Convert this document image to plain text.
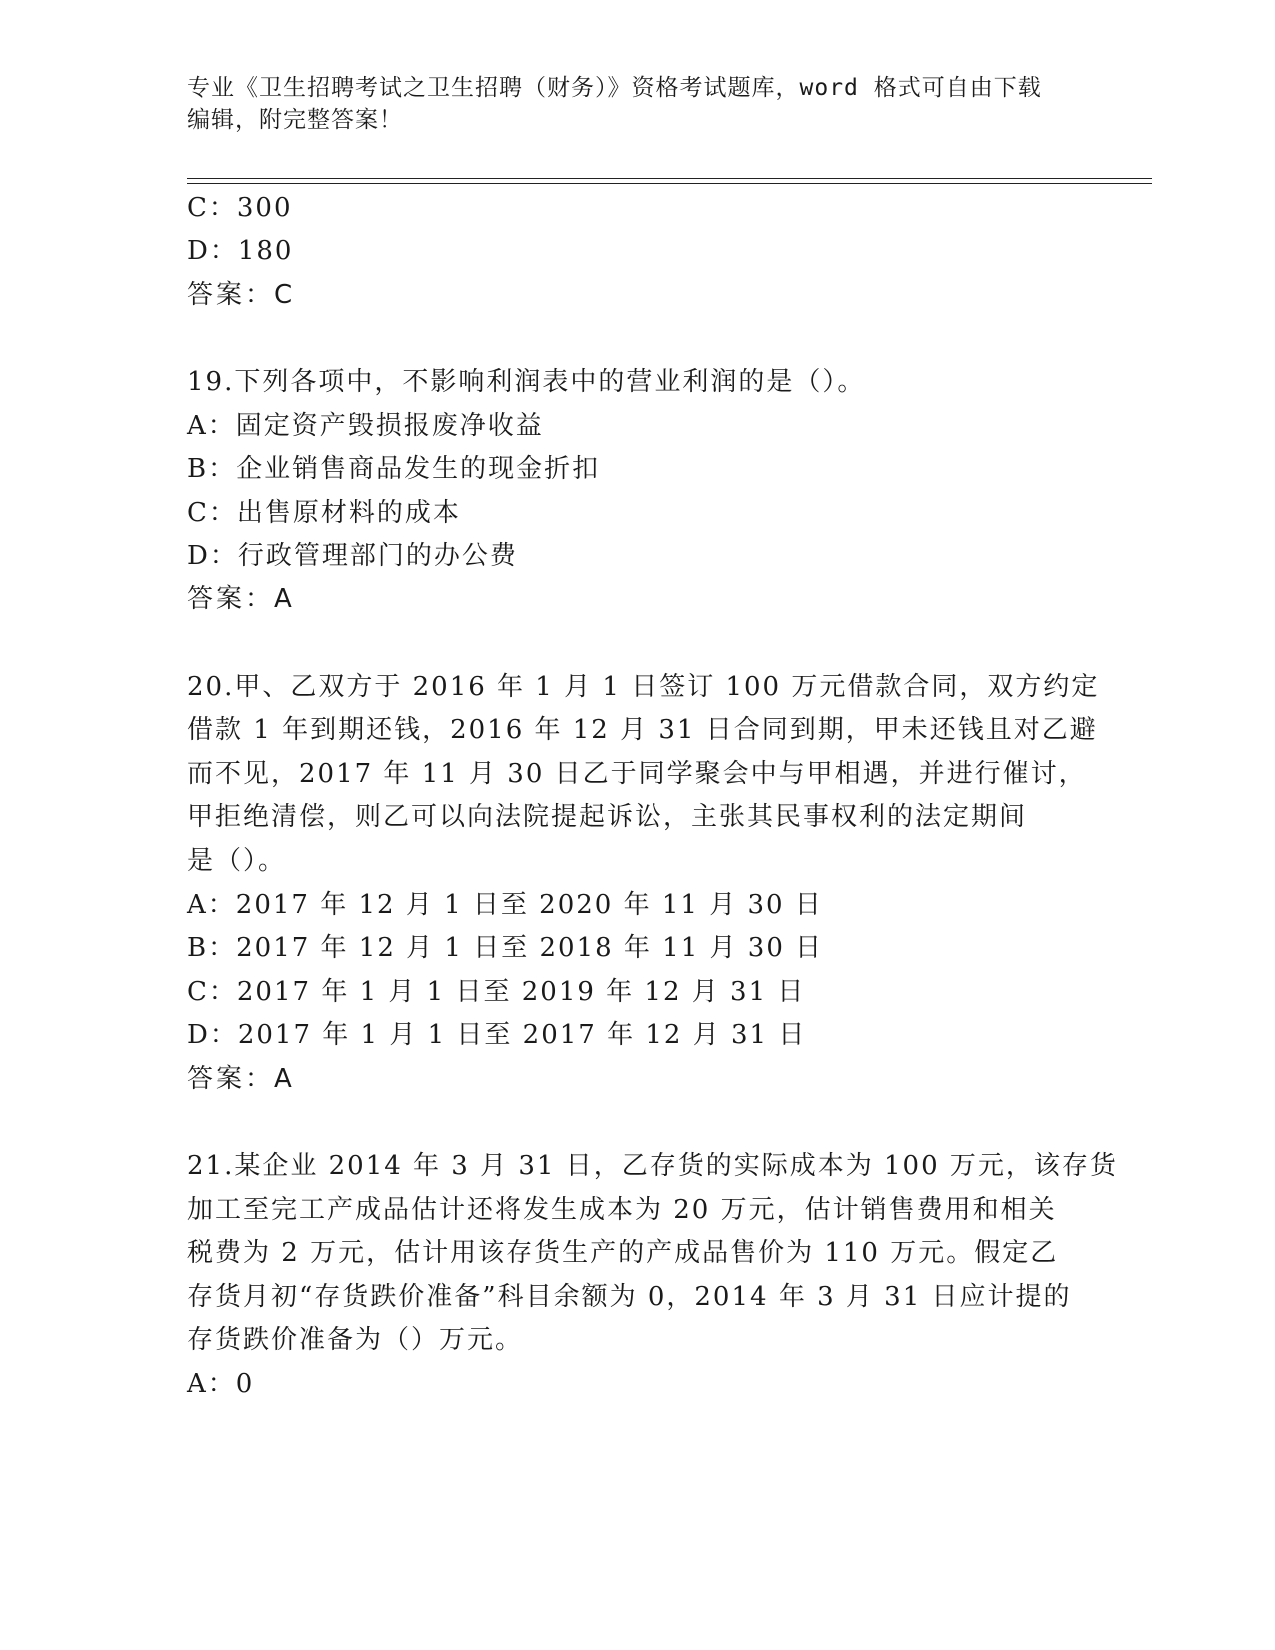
专业《卫生招聘考试之卫生招聘（财务）》资格考试题库，word 格式可自由下载
编辑，附完整答案！
C：300
D：180
答案：C
19.下列各项中，不影响利润表中的营业利润的是（）。
A：固定资产毁损报废净收益
B：企业销售商品发生的现金折扣
C：出售原材料的成本
D：行政管理部门的办公费
答案：A
20.甲、乙双方于 2016 年 1 月 1 日签订 100 万元借款合同，双方约定
借款 1 年到期还钱，2016 年 12 月 31 日合同到期，甲未还钱且对乙避
而不见，2017 年 11 月 30 日乙于同学聚会中与甲相遇，并进行催讨，
甲拒绝清偿，则乙可以向法院提起诉讼，主张其民事权利的法定期间
是（）。
A：2017 年 12 月 1 日至 2020 年 11 月 30 日
B：2017 年 12 月 1 日至 2018 年 11 月 30 日
C：2017 年 1 月 1 日至 2019 年 12 月 31 日
D：2017 年 1 月 1 日至 2017 年 12 月 31 日
答案：A
21.某企业 2014 年 3 月 31 日，乙存货的实际成本为 100 万元，该存货
加工至完工产成品估计还将发生成本为 20 万元，估计销售费用和相关
税费为 2 万元，估计用该存货生产的产成品售价为 110 万元。假定乙
存货月初“存货跌价准备”科目余额为 0，2014 年 3 月 31 日应计提的
存货跌价准备为（）万元。
A：0
